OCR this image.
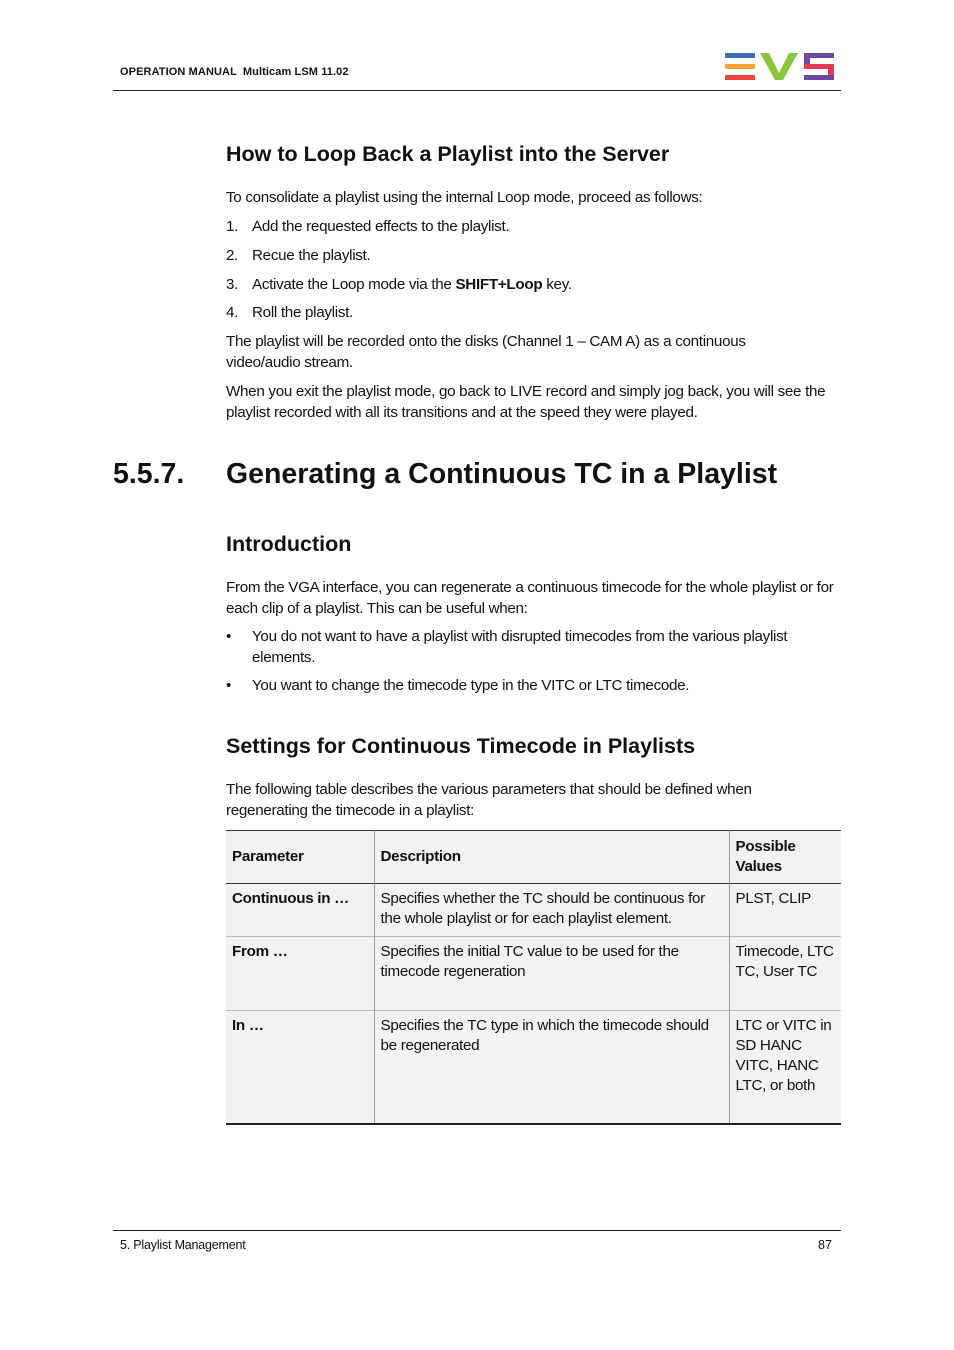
OPERATION MANUAL Multicam LSM 11.02
How to Loop Back a Playlist into the Server
To consolidate a playlist using the internal Loop mode, proceed as follows:
1. Add the requested effects to the playlist.
2. Recue the playlist.
3. Activate the Loop mode via the SHIFT+Loop key.
4. Roll the playlist.
The playlist will be recorded onto the disks (Channel 1 – CAM A) as a continuous video/audio stream.
When you exit the playlist mode, go back to LIVE record and simply jog back, you will see the playlist recorded with all its transitions and at the speed they were played.
5.5.7. Generating a Continuous TC in a Playlist
Introduction
From the VGA interface, you can regenerate a continuous timecode for the whole playlist or for each clip of a playlist. This can be useful when:
• You do not want to have a playlist with disrupted timecodes from the various playlist elements.
• You want to change the timecode type in the VITC or LTC timecode.
Settings for Continuous Timecode in Playlists
The following table describes the various parameters that should be defined when regenerating the timecode in a playlist:
Parameter	Description	Possible Values
Continuous in …	Specifies whether the TC should be continuous for the whole playlist or for each playlist element.	PLST, CLIP
From …	Specifies the initial TC value to be used for the timecode regeneration	Timecode, LTC TC, User TC
In …	Specifies the TC type in which the timecode should be regenerated	LTC or VITC in SD HANC VITC, HANC LTC, or both
5. Playlist Management	87
